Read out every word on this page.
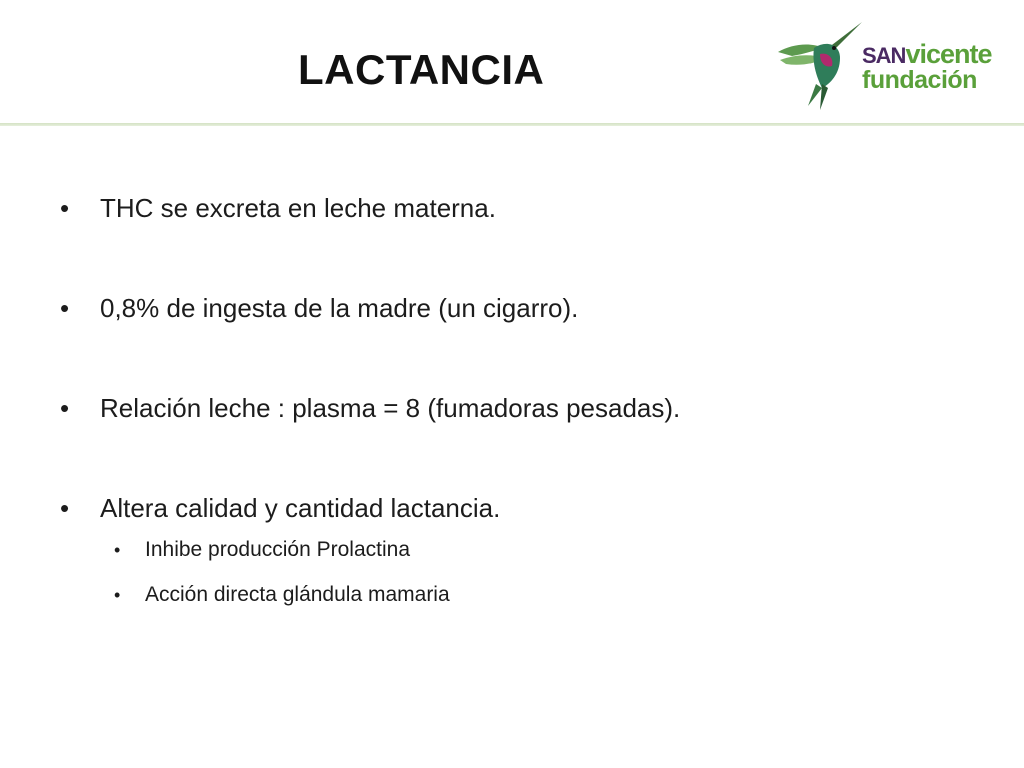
LACTANCIA	SANvicente
fundación
•	THC se excreta en leche materna.
•	0,8% de ingesta de la madre (un cigarro).
•	Relación leche : plasma = 8 (fumadoras pesadas).
•	Altera calidad y cantidad lactancia.
• Inhibe producción Prolactina
• Acción directa glándula mamaria
